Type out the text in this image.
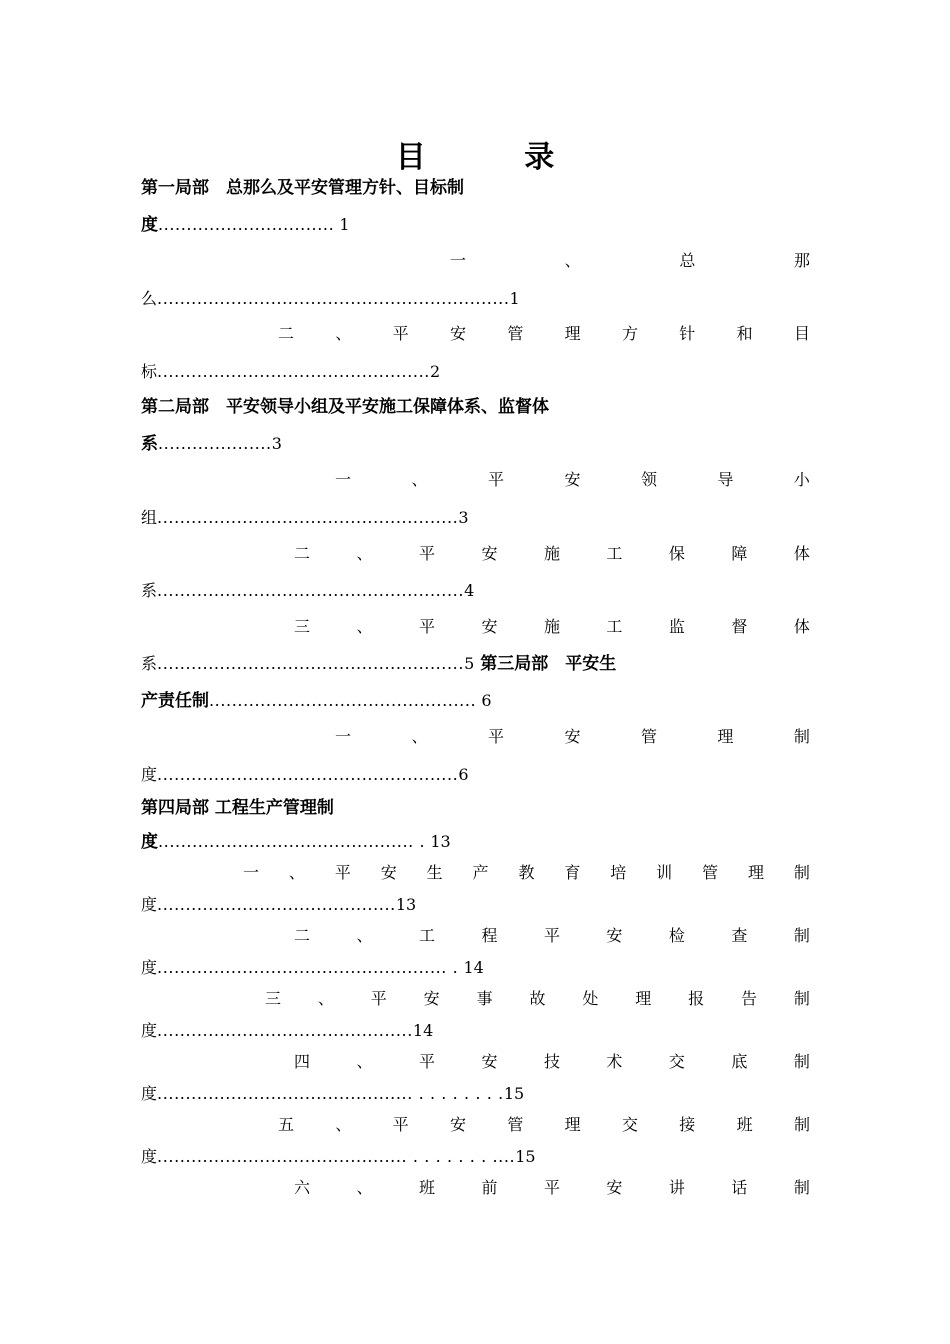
目 录
第一局部　总那么及平安管理方针、目标制
度............................... 1
一	、	总	那
么..............................................................1
二	、	平	安	管	理	方	针	和	目
标................................................2
第二局部　平安领导小组及平安施工保障体系、监督体
系....................3
一	、	平	安	领	导	小
组.....................................................3
二	、	平	安	施	工	保	障	体
系......................................................4
三	、	平	安	施	工	监	督	体
系......................................................5 第三局部　平安生
产责任制............................................... 6
一	、	平	安	管	理	制
度.....................................................6
第四局部 工程生产管理制
度............................................. . 13
一 、 平 安 生 产 教 育 培 训 管 理 制
度..........................................13
二	、	工	程	平	安	检	查	制
度................................................... . 14
三 、 平 安 事 故 处 理 报 告 制
度.............................................14
四	、	平	安	技	术	交	底	制
度............................................. . . . . . . . .15
五	、	平	安	管	理	交	接	班	制
度............................................ . . . . . . . ....15
六	、	班	前	平	安	讲	话	制
